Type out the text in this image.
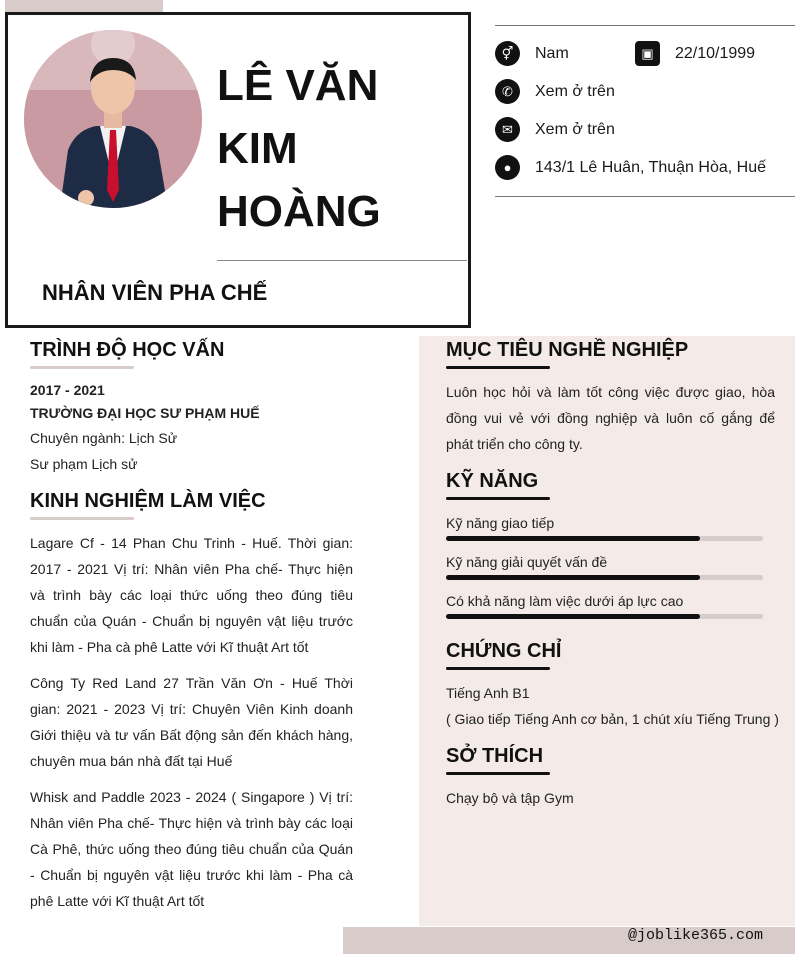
LÊ VĂN
KIM
HOÀNG
NHÂN VIÊN PHA CHẾ
⚥	Nam	▣	22/10/1999
✆	Xem ở trên
✉	Xem ở trên
●	143/1 Lê Huân, Thuận Hòa, Huế
TRÌNH ĐỘ HỌC VẤN
2017 - 2021
TRƯỜNG ĐẠI HỌC SƯ PHẠM HUẾ
Chuyên ngành: Lịch Sử
Sư phạm Lịch sử
KINH NGHIỆM LÀM VIỆC
Lagare Cf - 14 Phan Chu Trinh - Huế. Thời gian: 2017 - 2021 Vị trí: Nhân viên Pha chế- Thực hiện và trình bày các loại thức uống theo đúng tiêu chuẩn của Quán - Chuẩn bị nguyên vật liệu trước khi làm - Pha cà phê Latte với Kĩ thuật Art tốt
Công Ty Red Land 27 Trần Văn Ơn - Huế Thời gian: 2021 - 2023 Vị trí: Chuyên Viên Kinh doanh Giới thiệu và tư vấn Bất động sản đến khách hàng, chuyên mua bán nhà đất tại Huế
Whisk and Paddle 2023 - 2024 ( Singapore ) Vị trí: Nhân viên Pha chế- Thực hiện và trình bày các loại Cà Phê, thức uống theo đúng tiêu chuẩn của Quán - Chuẩn bị nguyên vật liệu trước khi làm - Pha cà phê Latte với Kĩ thuật Art tốt
MỤC TIÊU NGHỀ NGHIỆP
Luôn học hỏi và làm tốt công việc được giao, hòa đồng vui vẻ với đồng nghiệp và luôn cố gắng để phát triển cho công ty.
KỸ NĂNG
Kỹ năng giao tiếp
Kỹ năng giải quyết vấn đề
Có khả năng làm việc dưới áp lực cao
CHỨNG CHỈ
Tiếng Anh B1
( Giao tiếp Tiếng Anh cơ bản, 1 chút xíu Tiếng Trung )
SỞ THÍCH
Chạy bộ và tập Gym
@joblike365.com
